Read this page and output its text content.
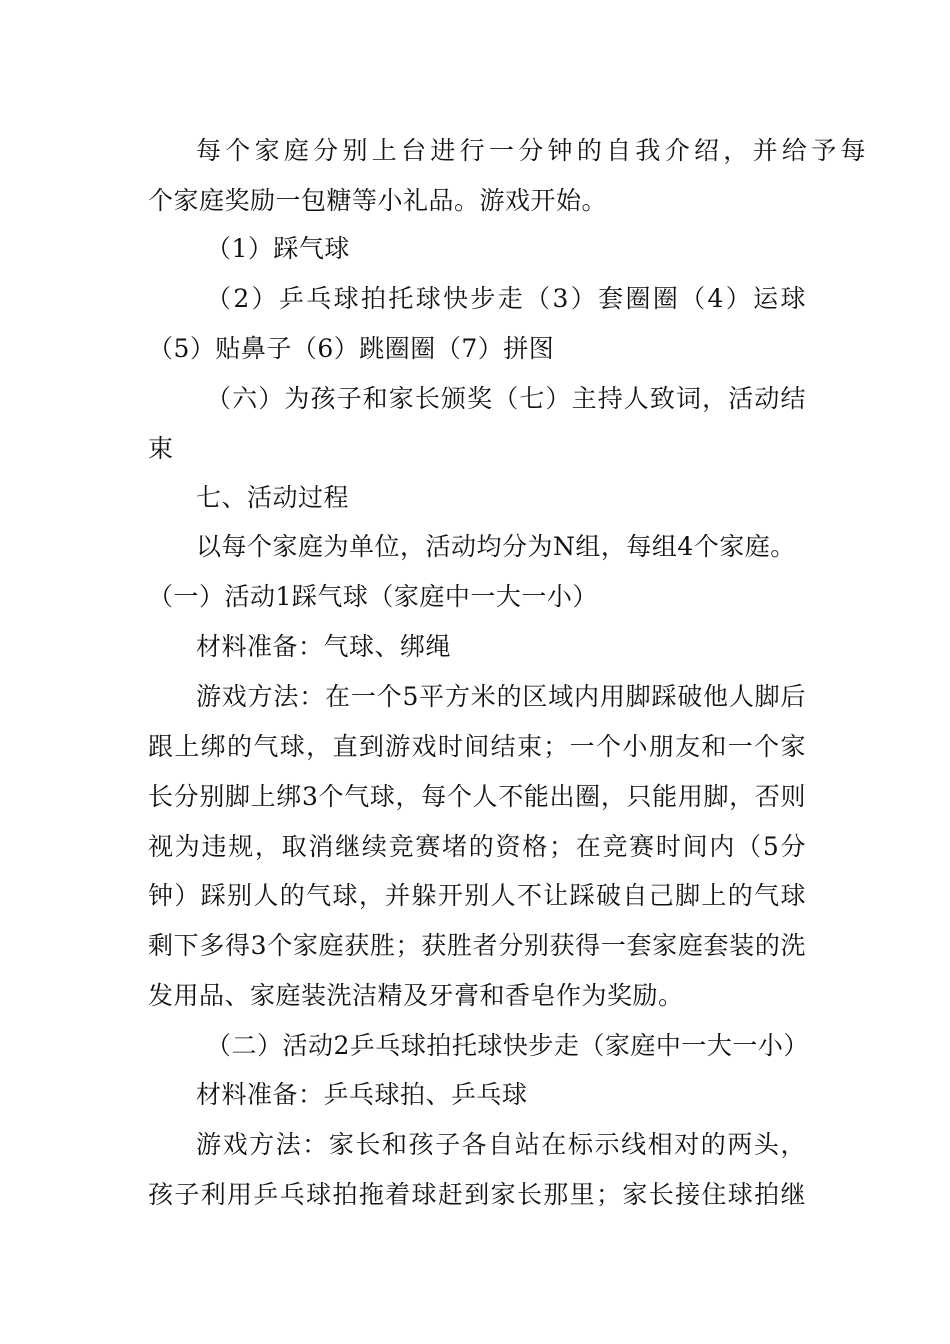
每个家庭分别上台进行一分钟的自我介绍，并给予每
个家庭奖励一包糖等小礼品。游戏开始。
（1）踩气球
（2）乒乓球拍托球快步走（3）套圈圈（4）运球
（5）贴鼻子（6）跳圈圈（7）拼图
（六）为孩子和家长颁奖（七）主持人致词，活动结
束
七、活动过程
以每个家庭为单位，活动均分为N组，每组4个家庭。
（一）活动1踩气球（家庭中一大一小）
材料准备：气球、绑绳
游戏方法：在一个5平方米的区域内用脚踩破他人脚后
跟上绑的气球，直到游戏时间结束；一个小朋友和一个家
长分别脚上绑3个气球，每个人不能出圈，只能用脚，否则
视为违规，取消继续竞赛堵的资格；在竞赛时间内（5分
钟）踩别人的气球，并躲开别人不让踩破自己脚上的气球
剩下多得3个家庭获胜；获胜者分别获得一套家庭套装的洗
发用品、家庭装洗洁精及牙膏和香皂作为奖励。
（二）活动2乒乓球拍托球快步走（家庭中一大一小）
材料准备：乒乓球拍、乒乓球
游戏方法：家长和孩子各自站在标示线相对的两头，
孩子利用乒乓球拍拖着球赶到家长那里；家长接住球拍继
